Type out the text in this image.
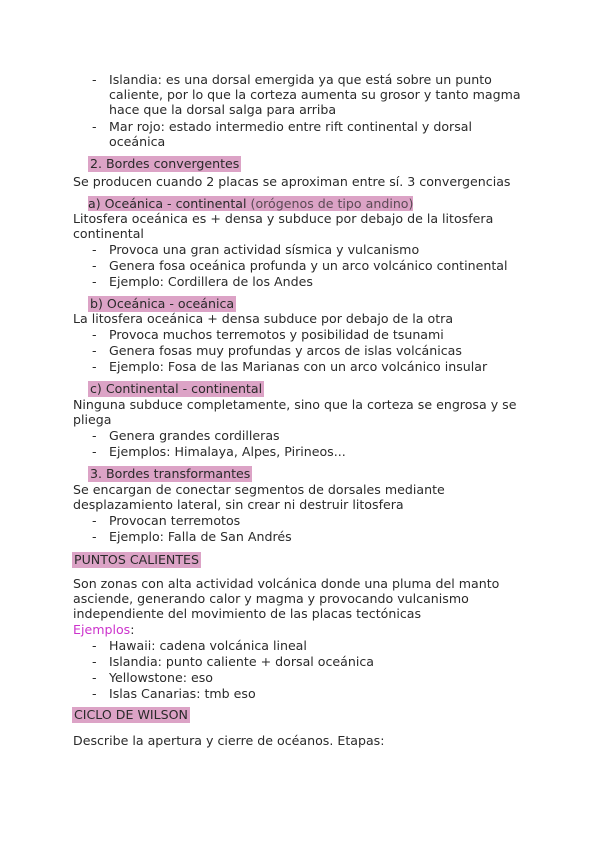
- Islandia: es una dorsal emergida ya que está sobre un punto
caliente, por lo que la corteza aumenta su grosor y tanto magma
hace que la dorsal salga para arriba
- Mar rojo: estado intermedio entre rift continental y dorsal
oceánica
2. Bordes convergentes
Se producen cuando 2 placas se aproximan entre sí. 3 convergencias
a) Oceánica - continental (orógenos de tipo andino)
Litosfera oceánica es + densa y subduce por debajo de la litosfera
continental
- Provoca una gran actividad sísmica y vulcanismo
- Genera fosa oceánica profunda y un arco volcánico continental
- Ejemplo: Cordillera de los Andes
b) Oceánica - oceánica
La litosfera oceánica + densa subduce por debajo de la otra
- Provoca muchos terremotos y posibilidad de tsunami
- Genera fosas muy profundas y arcos de islas volcánicas
- Ejemplo: Fosa de las Marianas con un arco volcánico insular
c) Continental - continental
Ninguna subduce completamente, sino que la corteza se engrosa y se
pliega
- Genera grandes cordilleras
- Ejemplos: Himalaya, Alpes, Pirineos...
3. Bordes transformantes
Se encargan de conectar segmentos de dorsales mediante
desplazamiento lateral, sin crear ni destruir litosfera
- Provocan terremotos
- Ejemplo: Falla de San Andrés
PUNTOS CALIENTES
Son zonas con alta actividad volcánica donde una pluma del manto
asciende, generando calor y magma y provocando vulcanismo
independiente del movimiento de las placas tectónicas
Ejemplos:
- Hawaii: cadena volcánica lineal
- Islandia: punto caliente + dorsal oceánica
- Yellowstone: eso
- Islas Canarias: tmb eso
CICLO DE WILSON
Describe la apertura y cierre de océanos. Etapas:
